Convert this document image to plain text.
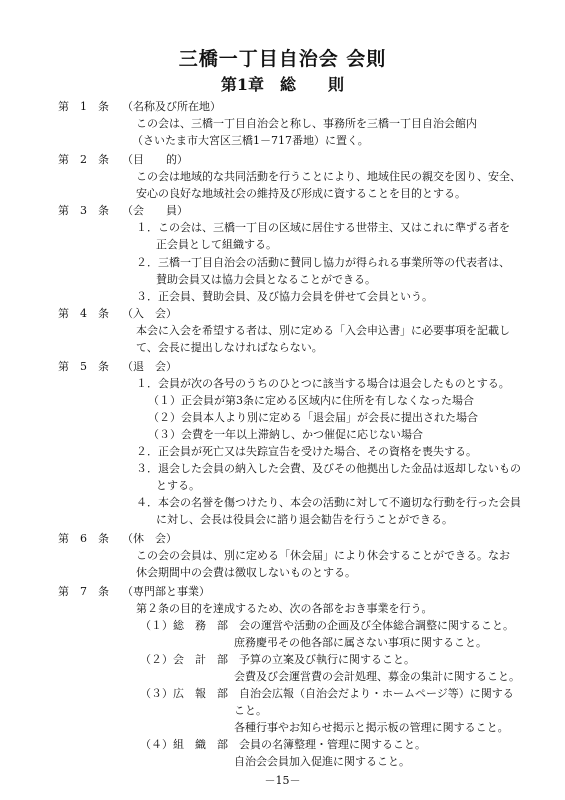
三橋一丁目自治会 会則
第1章　総　　則
第　1　条 （名称及び所在地）
この会は、三橋一丁目自治会と称し、事務所を三橋一丁目自治会館内
（さいたま市大宮区三橋1－717番地）に置く。
第　2　条 （目　　的）
この会は地域的な共同活動を行うことにより、地域住民の親交を図り、安全、
安心の良好な地域社会の維持及び形成に資することを目的とする。
第　3　条 （会　　員）
１．この会は、三橋一丁目の区域に居住する世帯主、又はこれに準ずる者を
正会員として組織する。
２．三橋一丁目自治会の活動に賛同し協力が得られる事業所等の代表者は、
賛助会員又は協力会員となることができる。
３．正会員、賛助会員、及び協力会員を併せて会員という。
第　4　条 （入　会）
本会に入会を希望する者は、別に定める「入会申込書」に必要事項を記載し
て、会長に提出しなければならない。
第　5　条 （退　会）
１．会員が次の各号のうちのひとつに該当する場合は退会したものとする。
（１）正会員が第3条に定める区域内に住所を有しなくなった場合
（２）会員本人より別に定める「退会届」が会長に提出された場合
（３）会費を一年以上滞納し、かつ催促に応じない場合
２．正会員が死亡又は失踪宣告を受けた場合、その資格を喪失する。
３．退会した会員の納入した会費、及びその他拠出した金品は返却しないもの
とする。
４．本会の名誉を傷つけたり、本会の活動に対して不適切な行動を行った会員
に対し、会長は役員会に諮り退会勧告を行うことができる。
第　6　条 （休　会）
この会の会員は、別に定める「休会届」により休会することができる。なお
休会期間中の会費は徴収しないものとする。
第　7　条 （専門部と事業）
第２条の目的を達成するため、次の各部をおき事業を行う。
（１）総　務　部　会の運営や活動の企画及び全体総合調整に関すること。
庶務慶弔その他各部に属さない事項に関すること。
（２）会　計　部　予算の立案及び執行に関すること。
会費及び会運営費の会計処理、募金の集計に関すること。
（３）広　報　部　自治会広報（自治会だより・ホームページ等）に関する
こと。
各種行事やお知らせ掲示と掲示板の管理に関すること。
（４）組　織　部　会員の名簿整理・管理に関すること。
自治会会員加入促進に関すること。
－15－
